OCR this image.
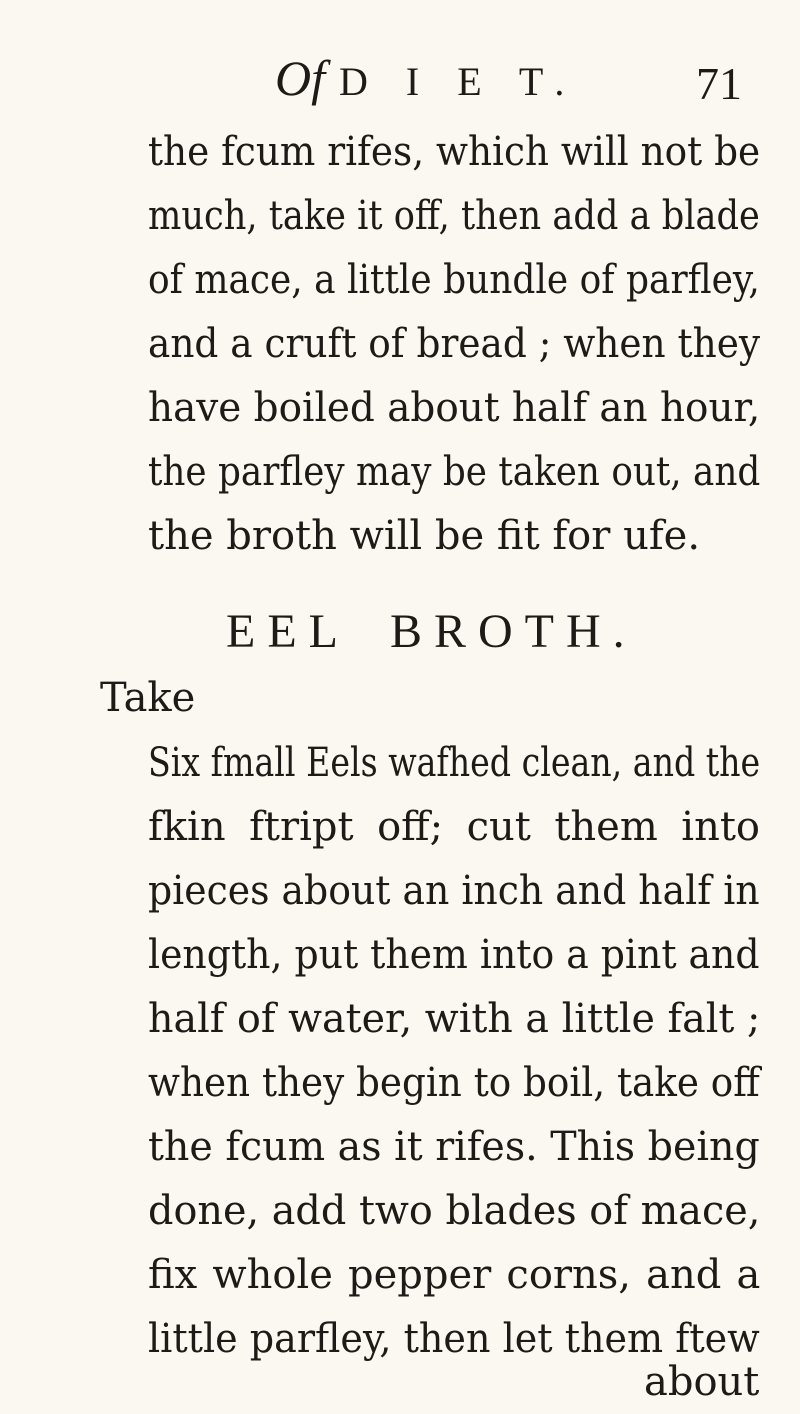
Of D I E T.	71
the fcum rifes, which will not be
much, take it off, then add a blade
of mace, a little bundle of parfley,
and a cruft of bread ; when they
have boiled about half an hour,
the parfley may be taken out, and
the broth will be fit for ufe.
EEL BROTH.
Take
Six fmall Eels wafhed clean, and the
fkin ftript off; cut them into
pieces about an inch and half in
length, put them into a pint and
half of water, with a little falt ;
when they begin to boil, take off
the fcum as it rifes. This being
done, add two blades of mace,
fix whole pepper corns, and a
little parfley, then let them ftew
about
